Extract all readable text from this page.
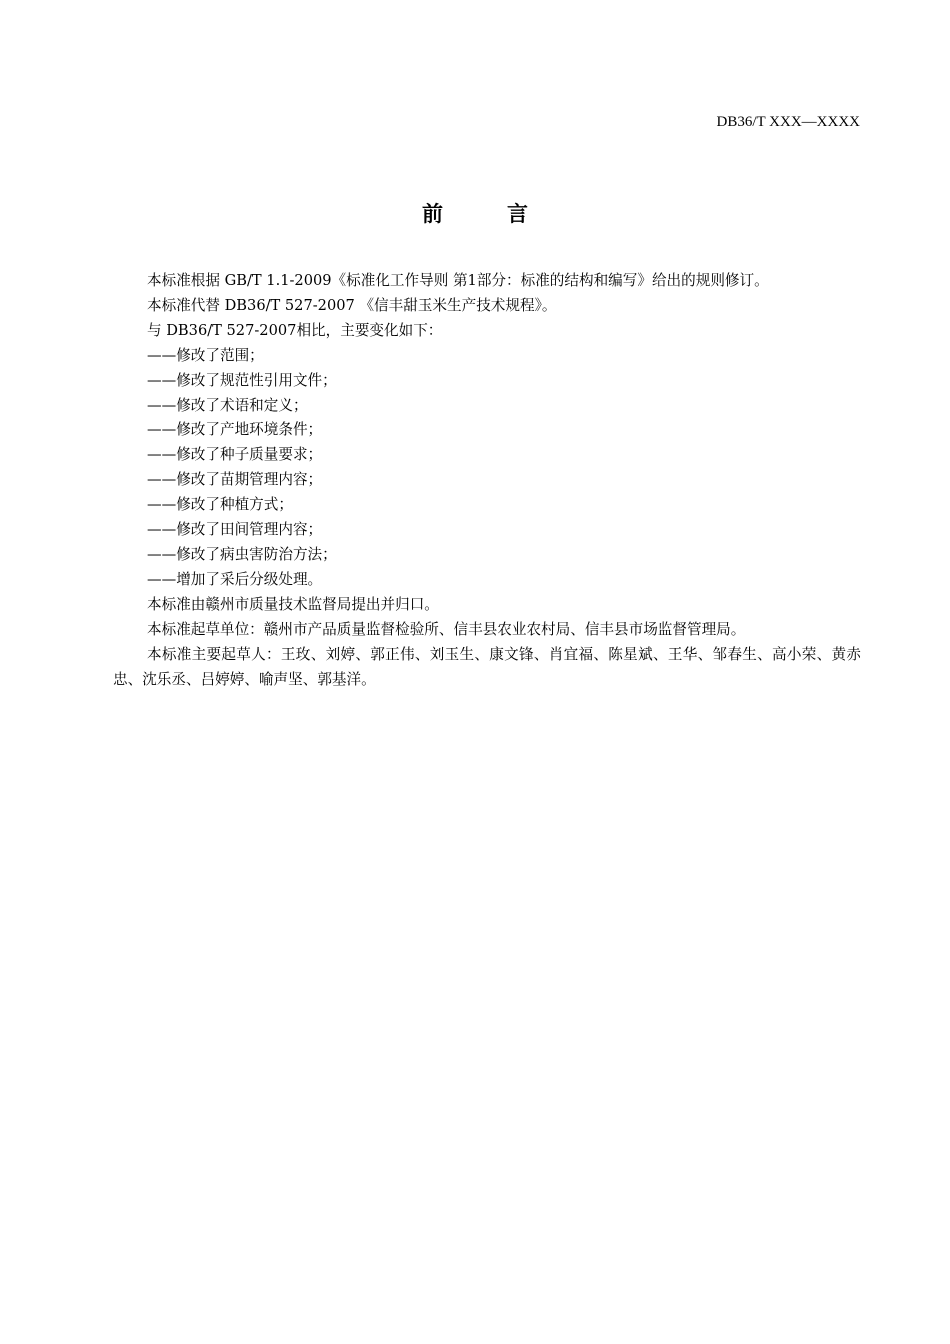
DB36/T XXX—XXXX
前言

本标准根据 GB/T 1.1-2009《标准化工作导则 第1部分：标准的结构和编写》给出的规则修订。

本标准代替 DB36/T 527-2007 《信丰甜玉米生产技术规程》。

与 DB36/T 527-2007相比，主要变化如下：

——修改了范围；

——修改了规范性引用文件；

——修改了术语和定义；

——修改了产地环境条件；

——修改了种子质量要求；

——修改了苗期管理内容；

——修改了种植方式；

——修改了田间管理内容；

——修改了病虫害防治方法；

——增加了采后分级处理。

本标准由赣州市质量技术监督局提出并归口。

本标准起草单位：赣州市产品质量监督检验所、信丰县农业农村局、信丰县市场监督管理局。

本标准主要起草人：王玫、刘婷、郭正伟、刘玉生、康文锋、肖宜福、陈星斌、王华、邹春生、高小荣、黄赤忠、沈乐丞、吕婷婷、喻声坚、郭基洋。
